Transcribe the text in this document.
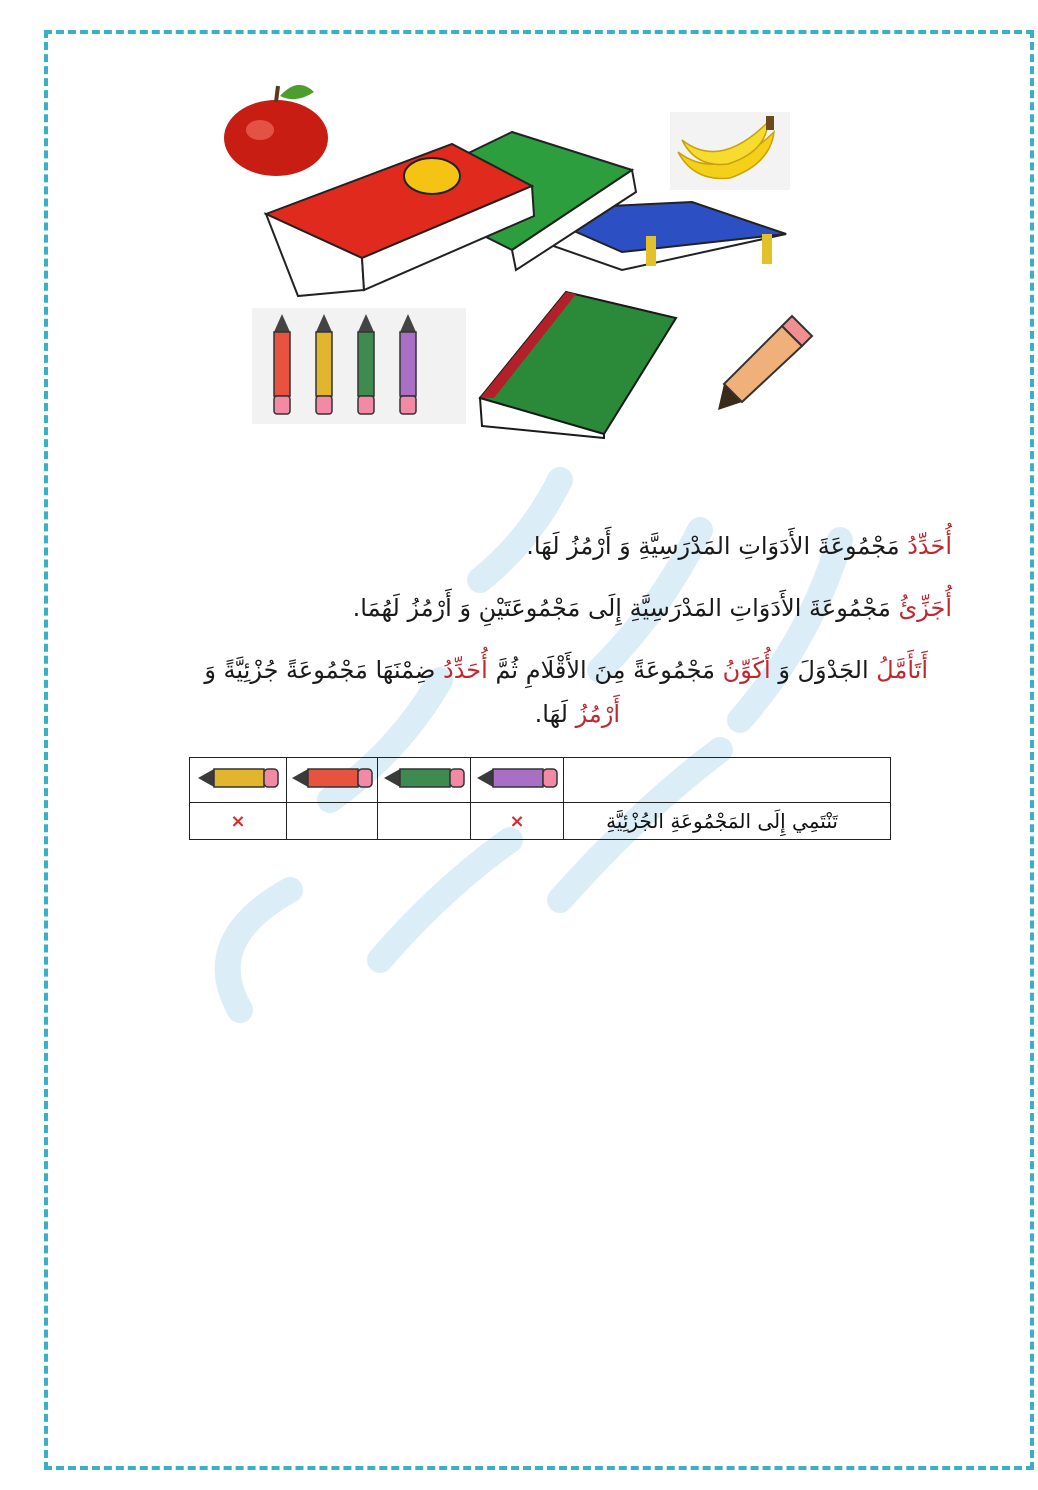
أُحَدِّدُ مَجْمُوعَةَ الأَدَوَاتِ المَدْرَسِيَّةِ وَ أَرْمُزُ لَهَا.
أُجَزِّئُ مَجْمُوعَةَ الأَدَوَاتِ المَدْرَسِيَّةِ إِلَى مَجْمُوعَتَيْنِ وَ أَرْمُزُ لَهُمَا.
أَتَأَمَّلُ الجَدْوَلَ وَ أُكَوِّنُ مَجْمُوعَةً مِنَ الأَقْلَامِ ثُمَّ أُحَدِّدُ ضِمْنَهَا مَجْمُوعَةً جُزْئِيَّةً وَ
أَرْمُزُ لَهَا.

×			×	تَنْتَمِي إِلَى المَجْمُوعَةِ الجُزْئِيَّةِ
